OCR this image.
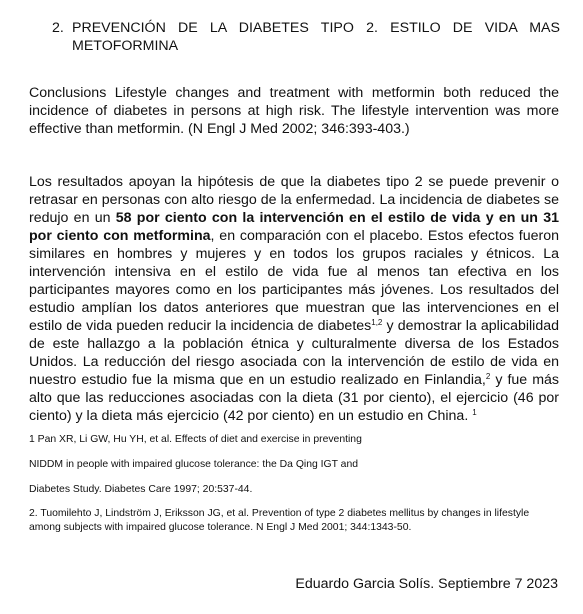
2. PREVENCIÓN DE LA DIABETES TIPO 2. ESTILO DE VIDA MAS
METOFORMINA

Conclusions Lifestyle changes and treatment with metformin both reduced the incidence of diabetes in persons at high risk. The lifestyle intervention was more effective than metformin. (N Engl J Med 2002; 346:393-403.)

Los resultados apoyan la hipótesis de que la diabetes tipo 2 se puede prevenir o retrasar en personas con alto riesgo de la enfermedad. La incidencia de diabetes se redujo en un 58 por ciento con la intervención en el estilo de vida y en un 31 por ciento con metformina, en comparación con el placebo. Estos efectos fueron similares en hombres y mujeres y en todos los grupos raciales y étnicos. La intervención intensiva en el estilo de vida fue al menos tan efectiva en los participantes mayores como en los participantes más jóvenes. Los resultados del estudio amplían los datos anteriores que muestran que las intervenciones en el estilo de vida pueden reducir la incidencia de diabetes$^{1,2}$ y demostrar la aplicabilidad de este hallazgo a la población étnica y culturalmente diversa de los Estados Unidos. La reducción del riesgo asociada con la intervención de estilo de vida en nuestro estudio fue la misma que en un estudio realizado en Finlandia,$^2$ y fue más alto que las reducciones asociadas con la dieta (31 por ciento), el ejercicio (46 por ciento) y la dieta más ejercicio (42 por ciento) en un estudio en China. $^1$

1 Pan XR, Li GW, Hu YH, et al. Effects of diet and exercise in preventing

NIDDM in people with impaired glucose tolerance: the Da Qing IGT and

Diabetes Study. Diabetes Care 1997; 20:537-44.

2. Tuomilehto J, Lindström J, Eriksson JG, et al. Prevention of type 2 diabetes mellitus by changes in lifestyle among subjects with impaired glucose tolerance. N Engl J Med 2001; 344:1343-50.

Eduardo Garcia Solís. Septiembre 7 2023
